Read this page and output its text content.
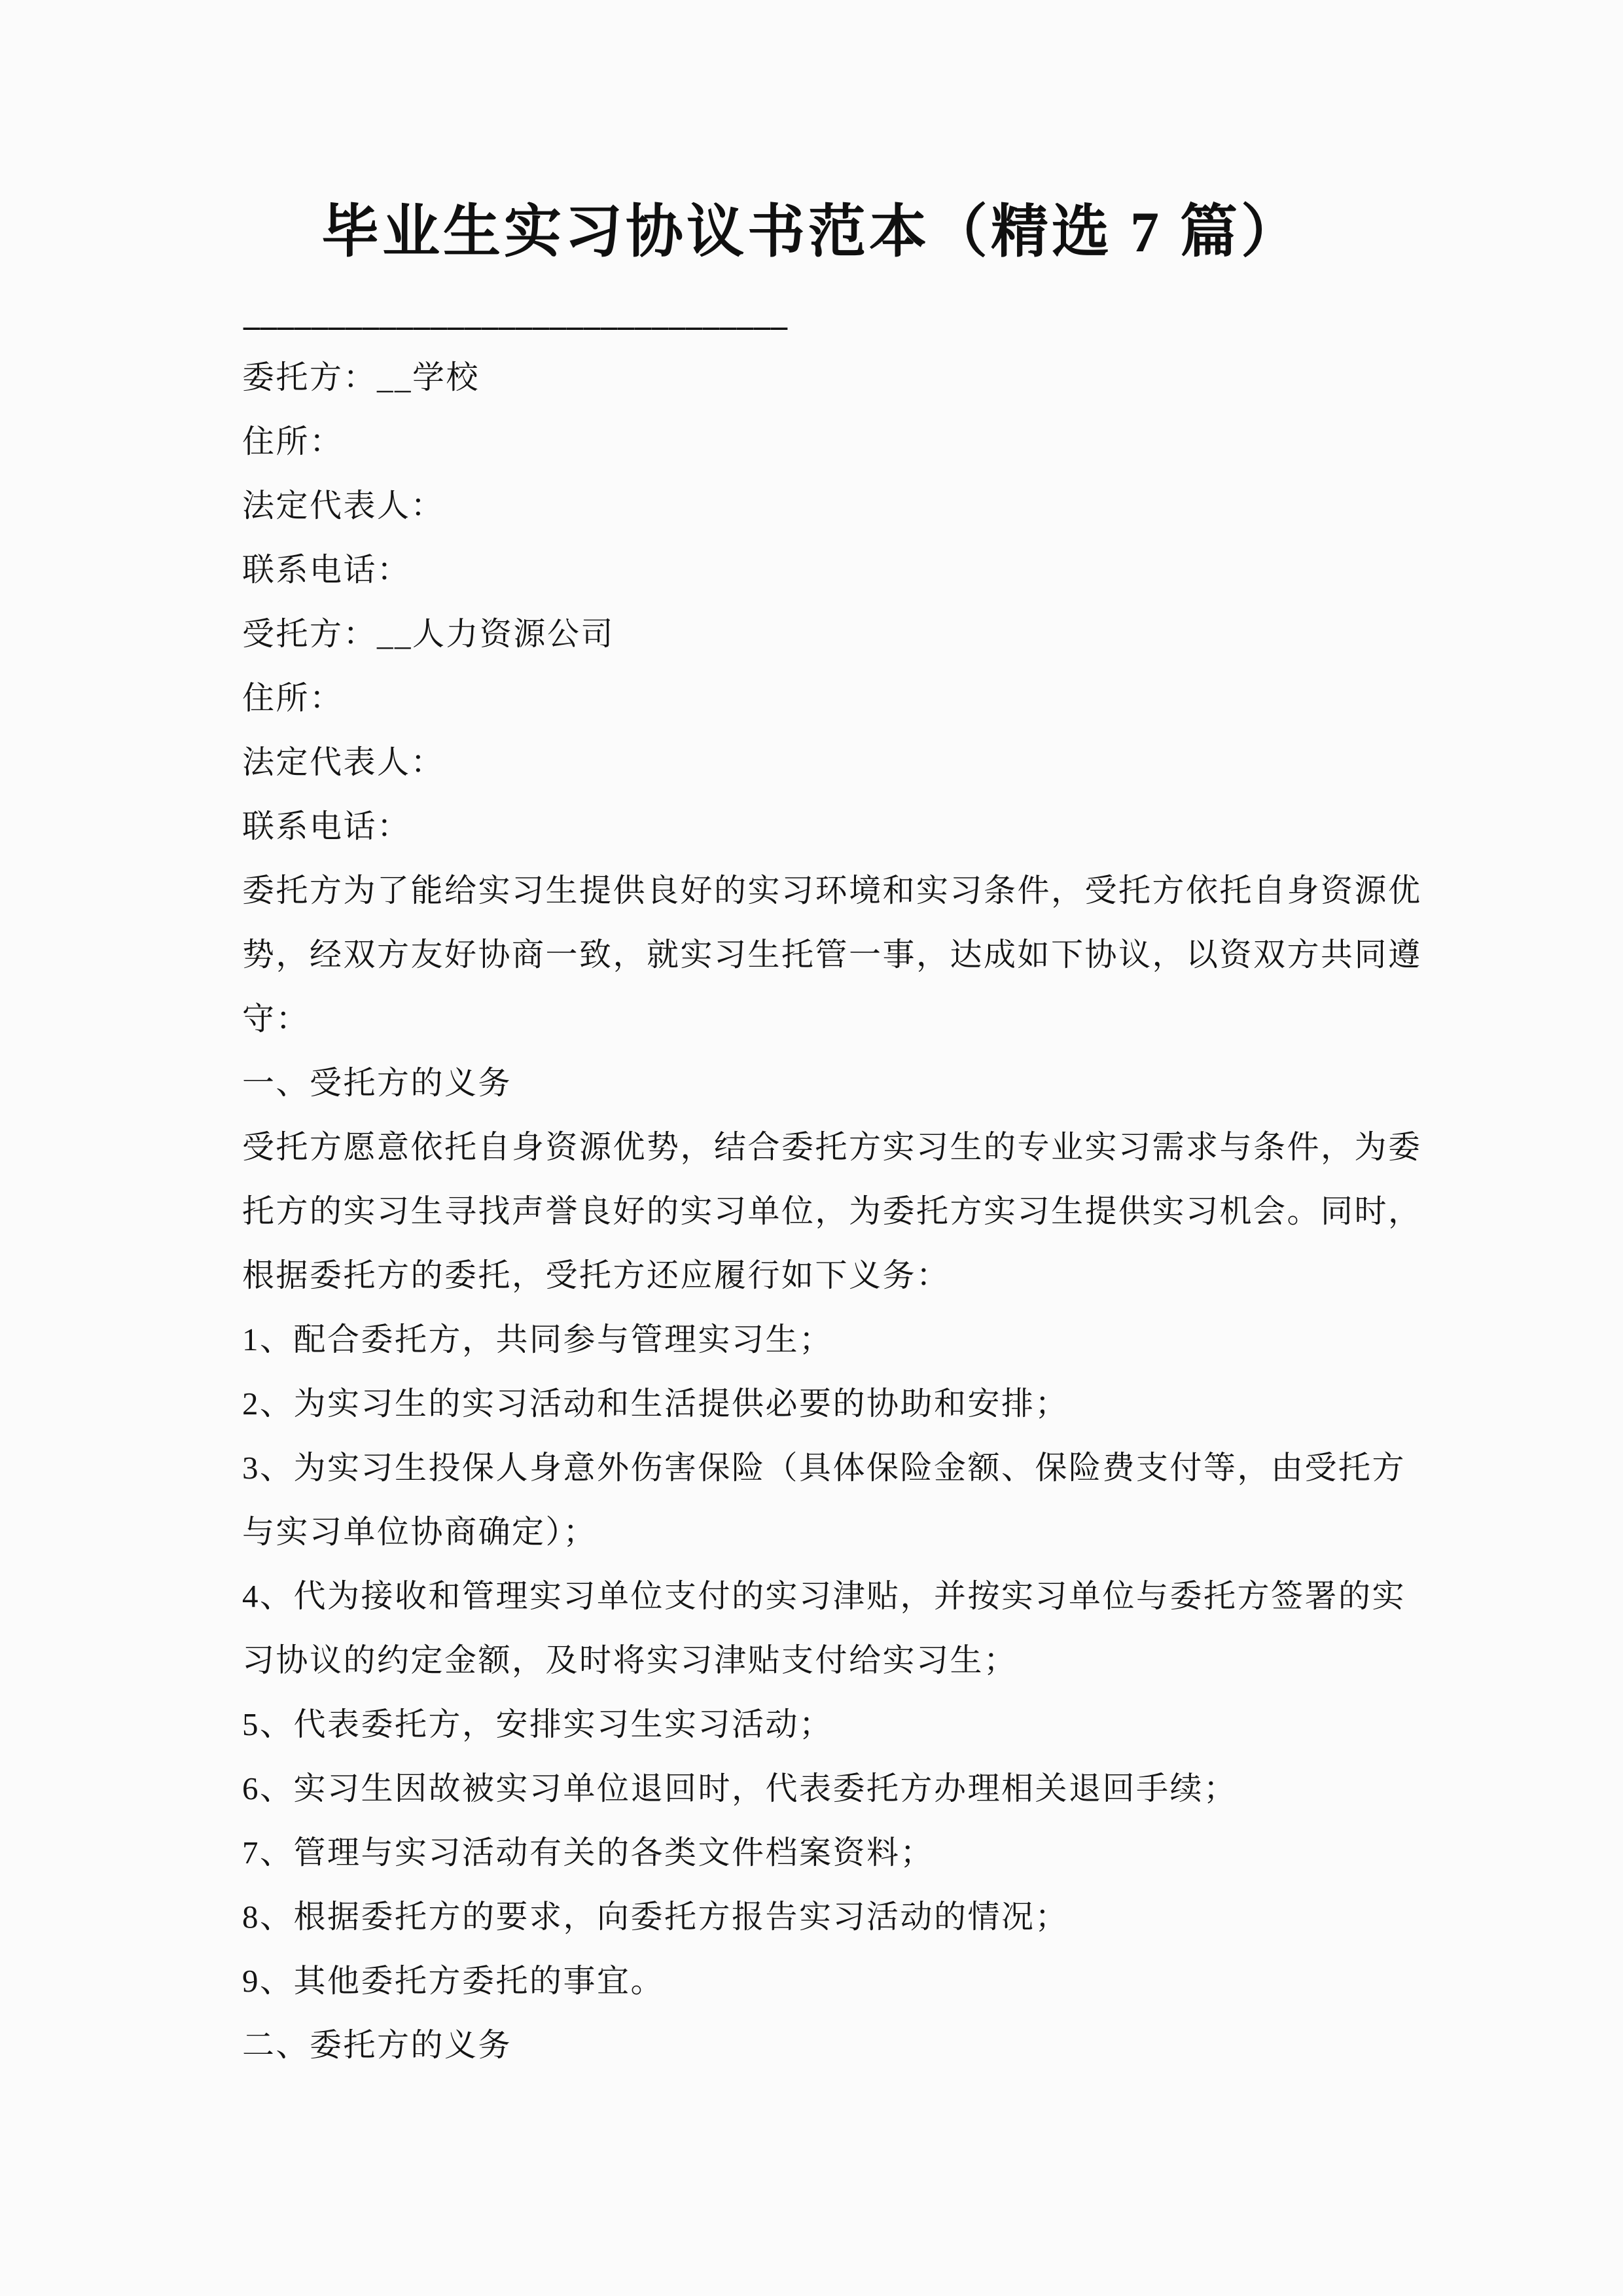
毕业生实习协议书范本（精选 7 篇）
________________________________
委托方：__学校
住所：
法定代表人：
联系电话：
受托方：__人力资源公司
住所：
法定代表人：
联系电话：
委托方为了能给实习生提供良好的实习环境和实习条件，受托方依托自身资源优
势，经双方友好协商一致，就实习生托管一事，达成如下协议，以资双方共同遵
守：
一、受托方的义务
受托方愿意依托自身资源优势，结合委托方实习生的专业实习需求与条件，为委
托方的实习生寻找声誉良好的实习单位，为委托方实习生提供实习机会。同时，
根据委托方的委托，受托方还应履行如下义务：
1、配合委托方，共同参与管理实习生；
2、为实习生的实习活动和生活提供必要的协助和安排；
3、为实习生投保人身意外伤害保险（具体保险金额、保险费支付等，由受托方
与实习单位协商确定）；
4、代为接收和管理实习单位支付的实习津贴，并按实习单位与委托方签署的实
习协议的约定金额，及时将实习津贴支付给实习生；
5、代表委托方，安排实习生实习活动；
6、实习生因故被实习单位退回时，代表委托方办理相关退回手续；
7、管理与实习活动有关的各类文件档案资料；
8、根据委托方的要求，向委托方报告实习活动的情况；
9、其他委托方委托的事宜。
二、委托方的义务
